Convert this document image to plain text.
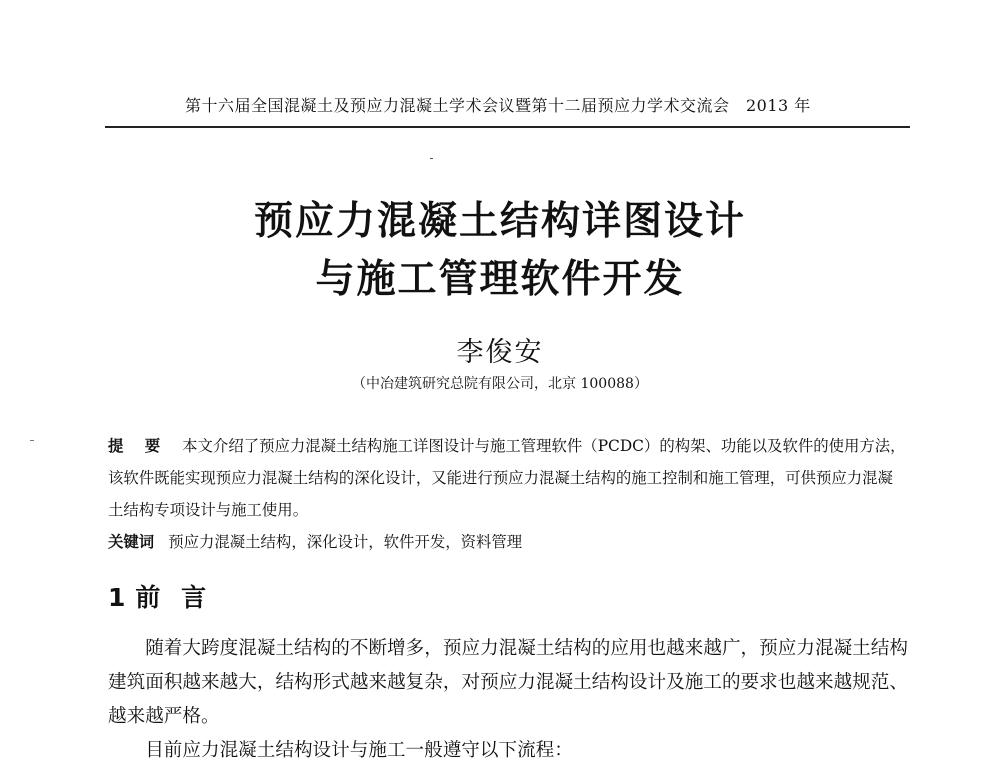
第十六届全国混凝土及预应力混凝土学术会议暨第十二届预应力学术交流会　2013 年
预应力混凝土结构详图设计
与施工管理软件开发
李俊安
（中冶建筑研究总院有限公司，北京 100088）
提 要 本文介绍了预应力混凝土结构施工详图设计与施工管理软件（PCDC）的构架、功能以及软件的使用方法，该软件既能实现预应力混凝土结构的深化设计，又能进行预应力混凝土结构的施工控制和施工管理，可供预应力混凝土结构专项设计与施工使用。
关键词 预应力混凝土结构，深化设计，软件开发，资料管理
1 前 言

随着大跨度混凝土结构的不断增多，预应力混凝土结构的应用也越来越广，预应力混凝土结构建筑面积越来越大，结构形式越来越复杂，对预应力混凝土结构设计及施工的要求也越来越规范、越来越严格。

目前应力混凝土结构设计与施工一般遵守以下流程：
